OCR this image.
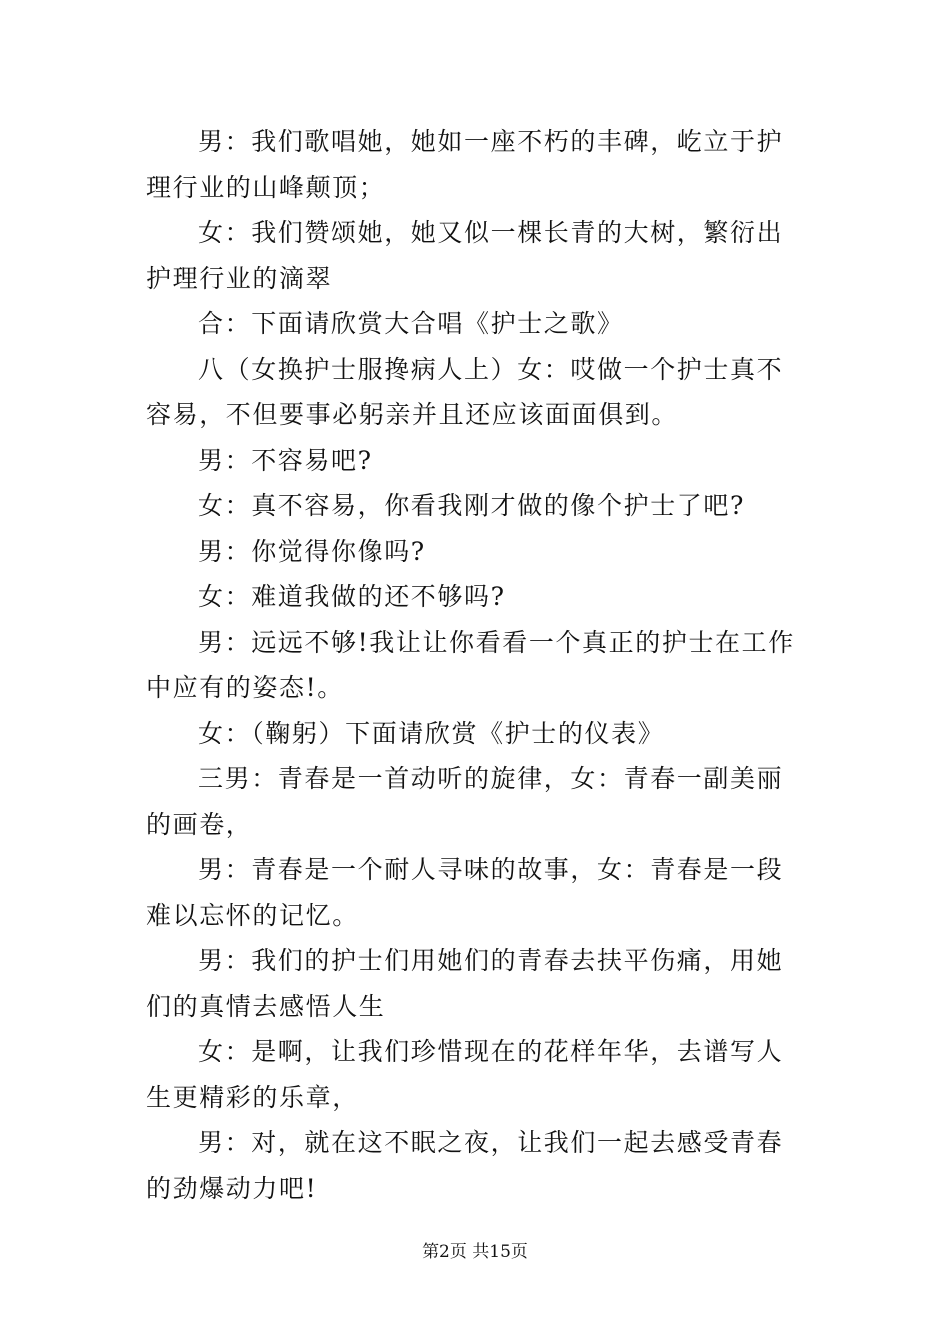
男：我们歌唱她，她如一座不朽的丰碑，屹立于护理行业的山峰颠顶；

女：我们赞颂她，她又似一棵长青的大树，繁衍出护理行业的滴翠

合：下面请欣赏大合唱《护士之歌》

八（女换护士服搀病人上）女：哎做一个护士真不容易，不但要事必躬亲并且还应该面面俱到。

男：不容易吧?

女：真不容易，你看我刚才做的像个护士了吧?

男：你觉得你像吗?

女：难道我做的还不够吗?

男：远远不够!我让让你看看一个真正的护士在工作中应有的姿态!。

女：（鞠躬）下面请欣赏《护士的仪表》

三男：青春是一首动听的旋律，女：青春一副美丽的画卷，

男：青春是一个耐人寻味的故事，女：青春是一段难以忘怀的记忆。

男：我们的护士们用她们的青春去扶平伤痛，用她们的真情去感悟人生

女：是啊，让我们珍惜现在的花样年华，去谱写人生更精彩的乐章，

男：对，就在这不眠之夜，让我们一起去感受青春的劲爆动力吧!

第2页 共15页
